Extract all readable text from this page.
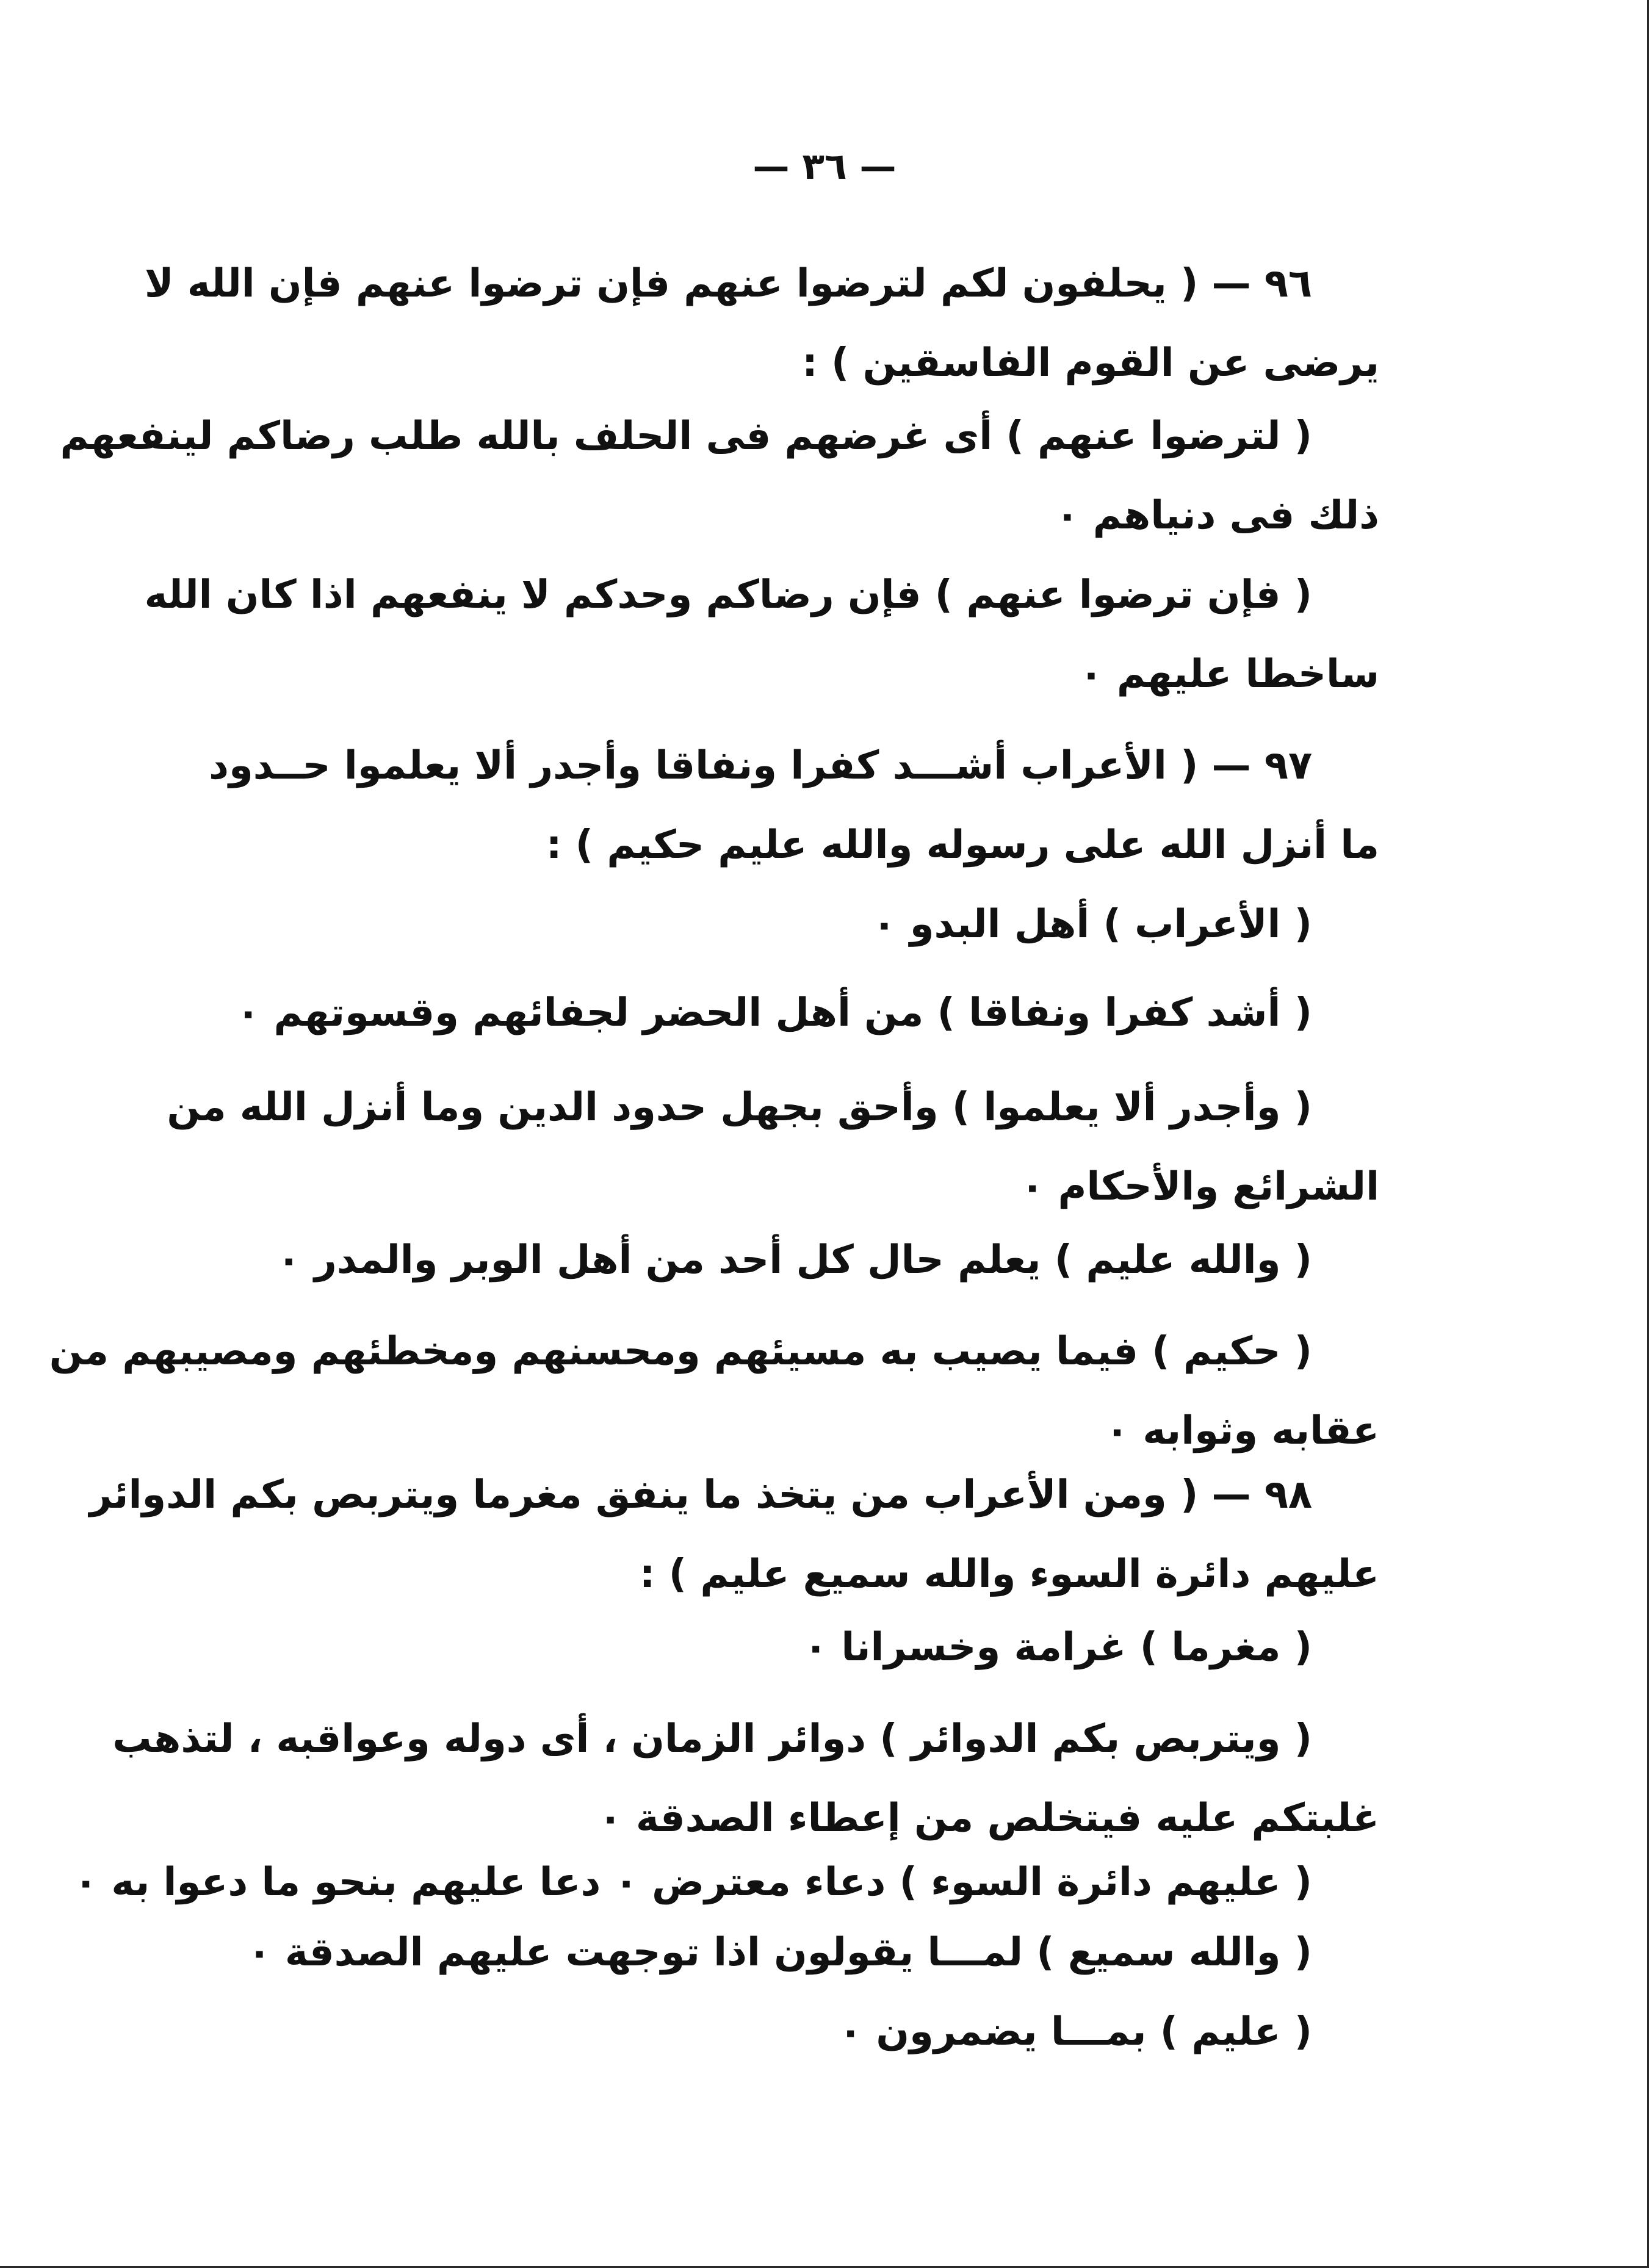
— ٣٦ —
٩٦ — ( يحلفون لكم لترضوا عنهم فإن ترضوا عنهم فإن الله لا
يرضى عن القوم الفاسقين ) :
( لترضوا عنهم ) أى غرضهم فى الحلف بالله طلب رضاكم لينفعهم
ذلك فى دنياهم ٠
( فإن ترضوا عنهم ) فإن رضاكم وحدكم لا ينفعهم اذا كان الله
ساخطا عليهم ٠
٩٧ — ( الأعراب أشـــد كفرا ونفاقا وأجدر ألا يعلموا حــدود
ما أنزل الله على رسوله والله عليم حكيم ) :
( الأعراب ) أهل البدو ٠
( أشد كفرا ونفاقا ) من أهل الحضر لجفائهم وقسوتهم ٠
( وأجدر ألا يعلموا ) وأحق بجهل حدود الدين وما أنزل الله من
الشرائع والأحكام ٠
( والله عليم ) يعلم حال كل أحد من أهل الوبر والمدر ٠
( حكيم ) فيما يصيب به مسيئهم ومحسنهم ومخطئهم ومصيبهم من
عقابه وثوابه ٠
٩٨ — ( ومن الأعراب من يتخذ ما ينفق مغرما ويتربص بكم الدوائر
عليهم دائرة السوء والله سميع عليم ) :
( مغرما ) غرامة وخسرانا ٠
( ويتربص بكم الدوائر ) دوائر الزمان ، أى دوله وعواقبه ، لتذهب
غلبتكم عليه فيتخلص من إعطاء الصدقة ٠
( عليهم دائرة السوء ) دعاء معترض ٠ دعا عليهم بنحو ما دعوا به ٠
( والله سميع ) لمـــا يقولون اذا توجهت عليهم الصدقة ٠
( عليم ) بمـــا يضمرون ٠
